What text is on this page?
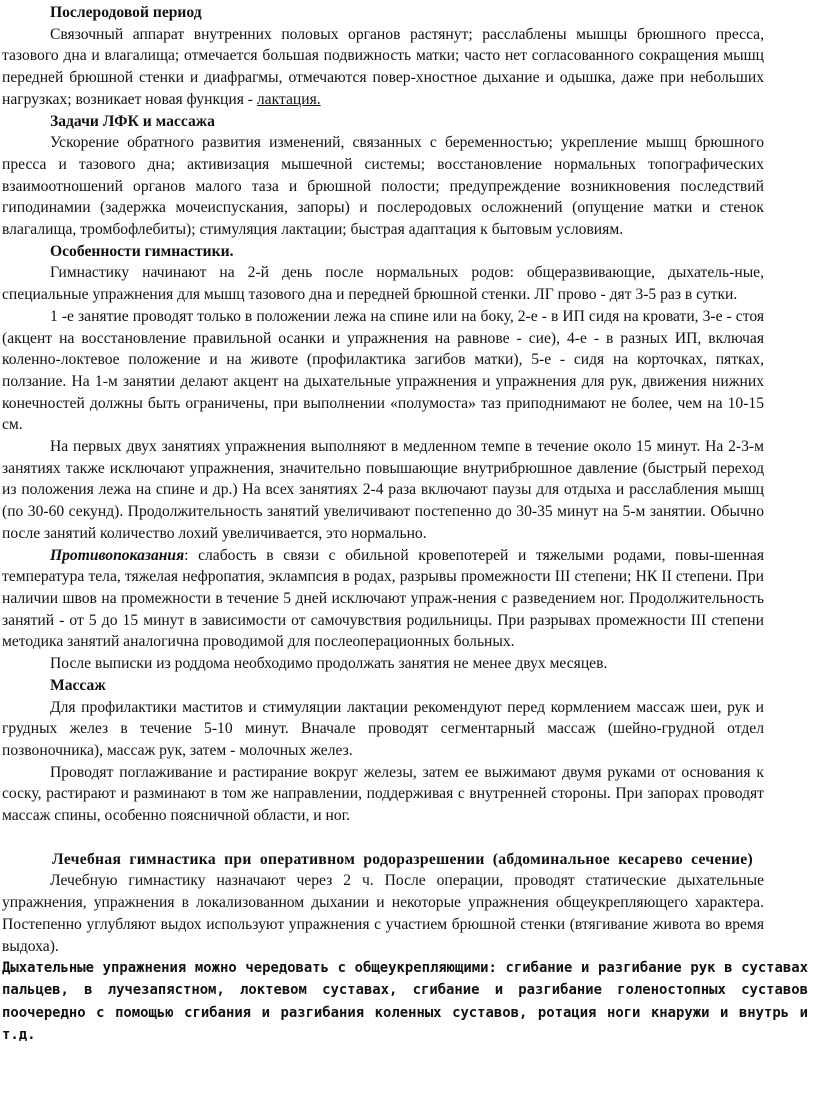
Послеродовой период

Связочный аппарат внутренних половых органов растянут; расслаблены мышцы брюшного пресса, тазового дна и влагалища; отмечается большая подвижность матки; часто нет согласованного сокращения мышц передней брюшной стенки и диафрагмы, отмечаются повер-хностное дыхание и одышка, даже при небольших нагрузках; возникает новая функция - лактация.

Задачи ЛФК и массажа

Ускорение обратного развития изменений, связанных с беременностью; укрепление мышц брюшного пресса и тазового дна; активизация мышечной системы; восстановление нормальных топографических взаимоотношений органов малого таза и брюшной полости; предупреждение возникновения последствий гиподинамии (задержка мочеиспускания, запоры) и послеродовых осложнений (опущение матки и стенок влагалища, тромбофлебиты); стимуляция лактации; быстрая адаптация к бытовым условиям.

Особенности гимнастики.

Гимнастику начинают на 2-й день после нормальных родов: общеразвивающие, дыхатель-ные, специальные упражнения для мышц тазового дна и передней брюшной стенки. ЛГ прово - дят 3-5 раз в сутки.

1 -е занятие проводят только в положении лежа на спине или на боку, 2-е - в ИП сидя на кровати, 3-е - стоя (акцент на восстановление правильной осанки и упражнения на равнове - сие), 4-е - в разных ИП, включая коленно-локтевое положение и на животе (профилактика загибов матки), 5-е - сидя на корточках, пятках, ползание. На 1-м занятии делают акцент на дыхательные упражнения и упражнения для рук, движения нижних конечностей должны быть ограничены, при выполнении «полумоста» таз приподнимают не более, чем на 10-15 см.

На первых двух занятиях упражнения выполняют в медленном темпе в течение около 15 минут. На 2-3-м занятиях также исключают упражнения, значительно повышающие внутрибрюшное давление (быстрый переход из положения лежа на спине и др.) На всех занятиях 2-4 раза включают паузы для отдыха и расслабления мышц (по 30-60 секунд). Продолжительность занятий увеличивают постепенно до 30-35 минут на 5-м занятии. Обычно после занятий количество лохий увеличивается, это нормально.

Противопоказания: слабость в связи с обильной кровепотерей и тяжелыми родами, повы-шенная температура тела, тяжелая нефропатия, эклампсия в родах, разрывы промежности III степени; НК II степени. При наличии швов на промежности в течение 5 дней исключают упраж-нения с разведением ног. Продолжительность занятий - от 5 до 15 минут в зависимости от самочувствия родильницы. При разрывах промежности III степени методика занятий аналогична проводимой для послеоперационных больных.

После выписки из роддома необходимо продолжать занятия не менее двух месяцев.

Массаж

Для профилактики маститов и стимуляции лактации рекомендуют перед кормлением массаж шеи, рук и грудных желез в течение 5-10 минут. Вначале проводят сегментарный массаж (шейно-грудной отдел позвоночника), массаж рук, затем - молочных желез.

Проводят поглаживание и растирание вокруг железы, затем ее выжимают двумя руками от основания к соску, растирают и разминают в том же направлении, поддерживая с внутренней стороны. При запорах проводят массаж спины, особенно поясничной области, и ног.

Лечебная гимнастика при оперативном родоразрешении (абдоминальное кесарево сечение)

Лечебную гимнастику назначают через 2 ч. После операции, проводят статические дыхательные упражнения, упражнения в локализованном дыхании и некоторые упражнения общеукрепляющего характера. Постепенно углубляют выдох используют упражнения с участием брюшной стенки (втягивание живота во время выдоха).

Дыхательные упражнения можно чередовать с общеукрепляющими: сгибание и разгибание рук в суставах пальцев, в лучезапястном, локтевом суставах, сгибание и разгибание голеностопных суставов поочередно с помощью сгибания и разгибания коленных суставов, ротация ноги кнаружи и внутрь и т.д.
